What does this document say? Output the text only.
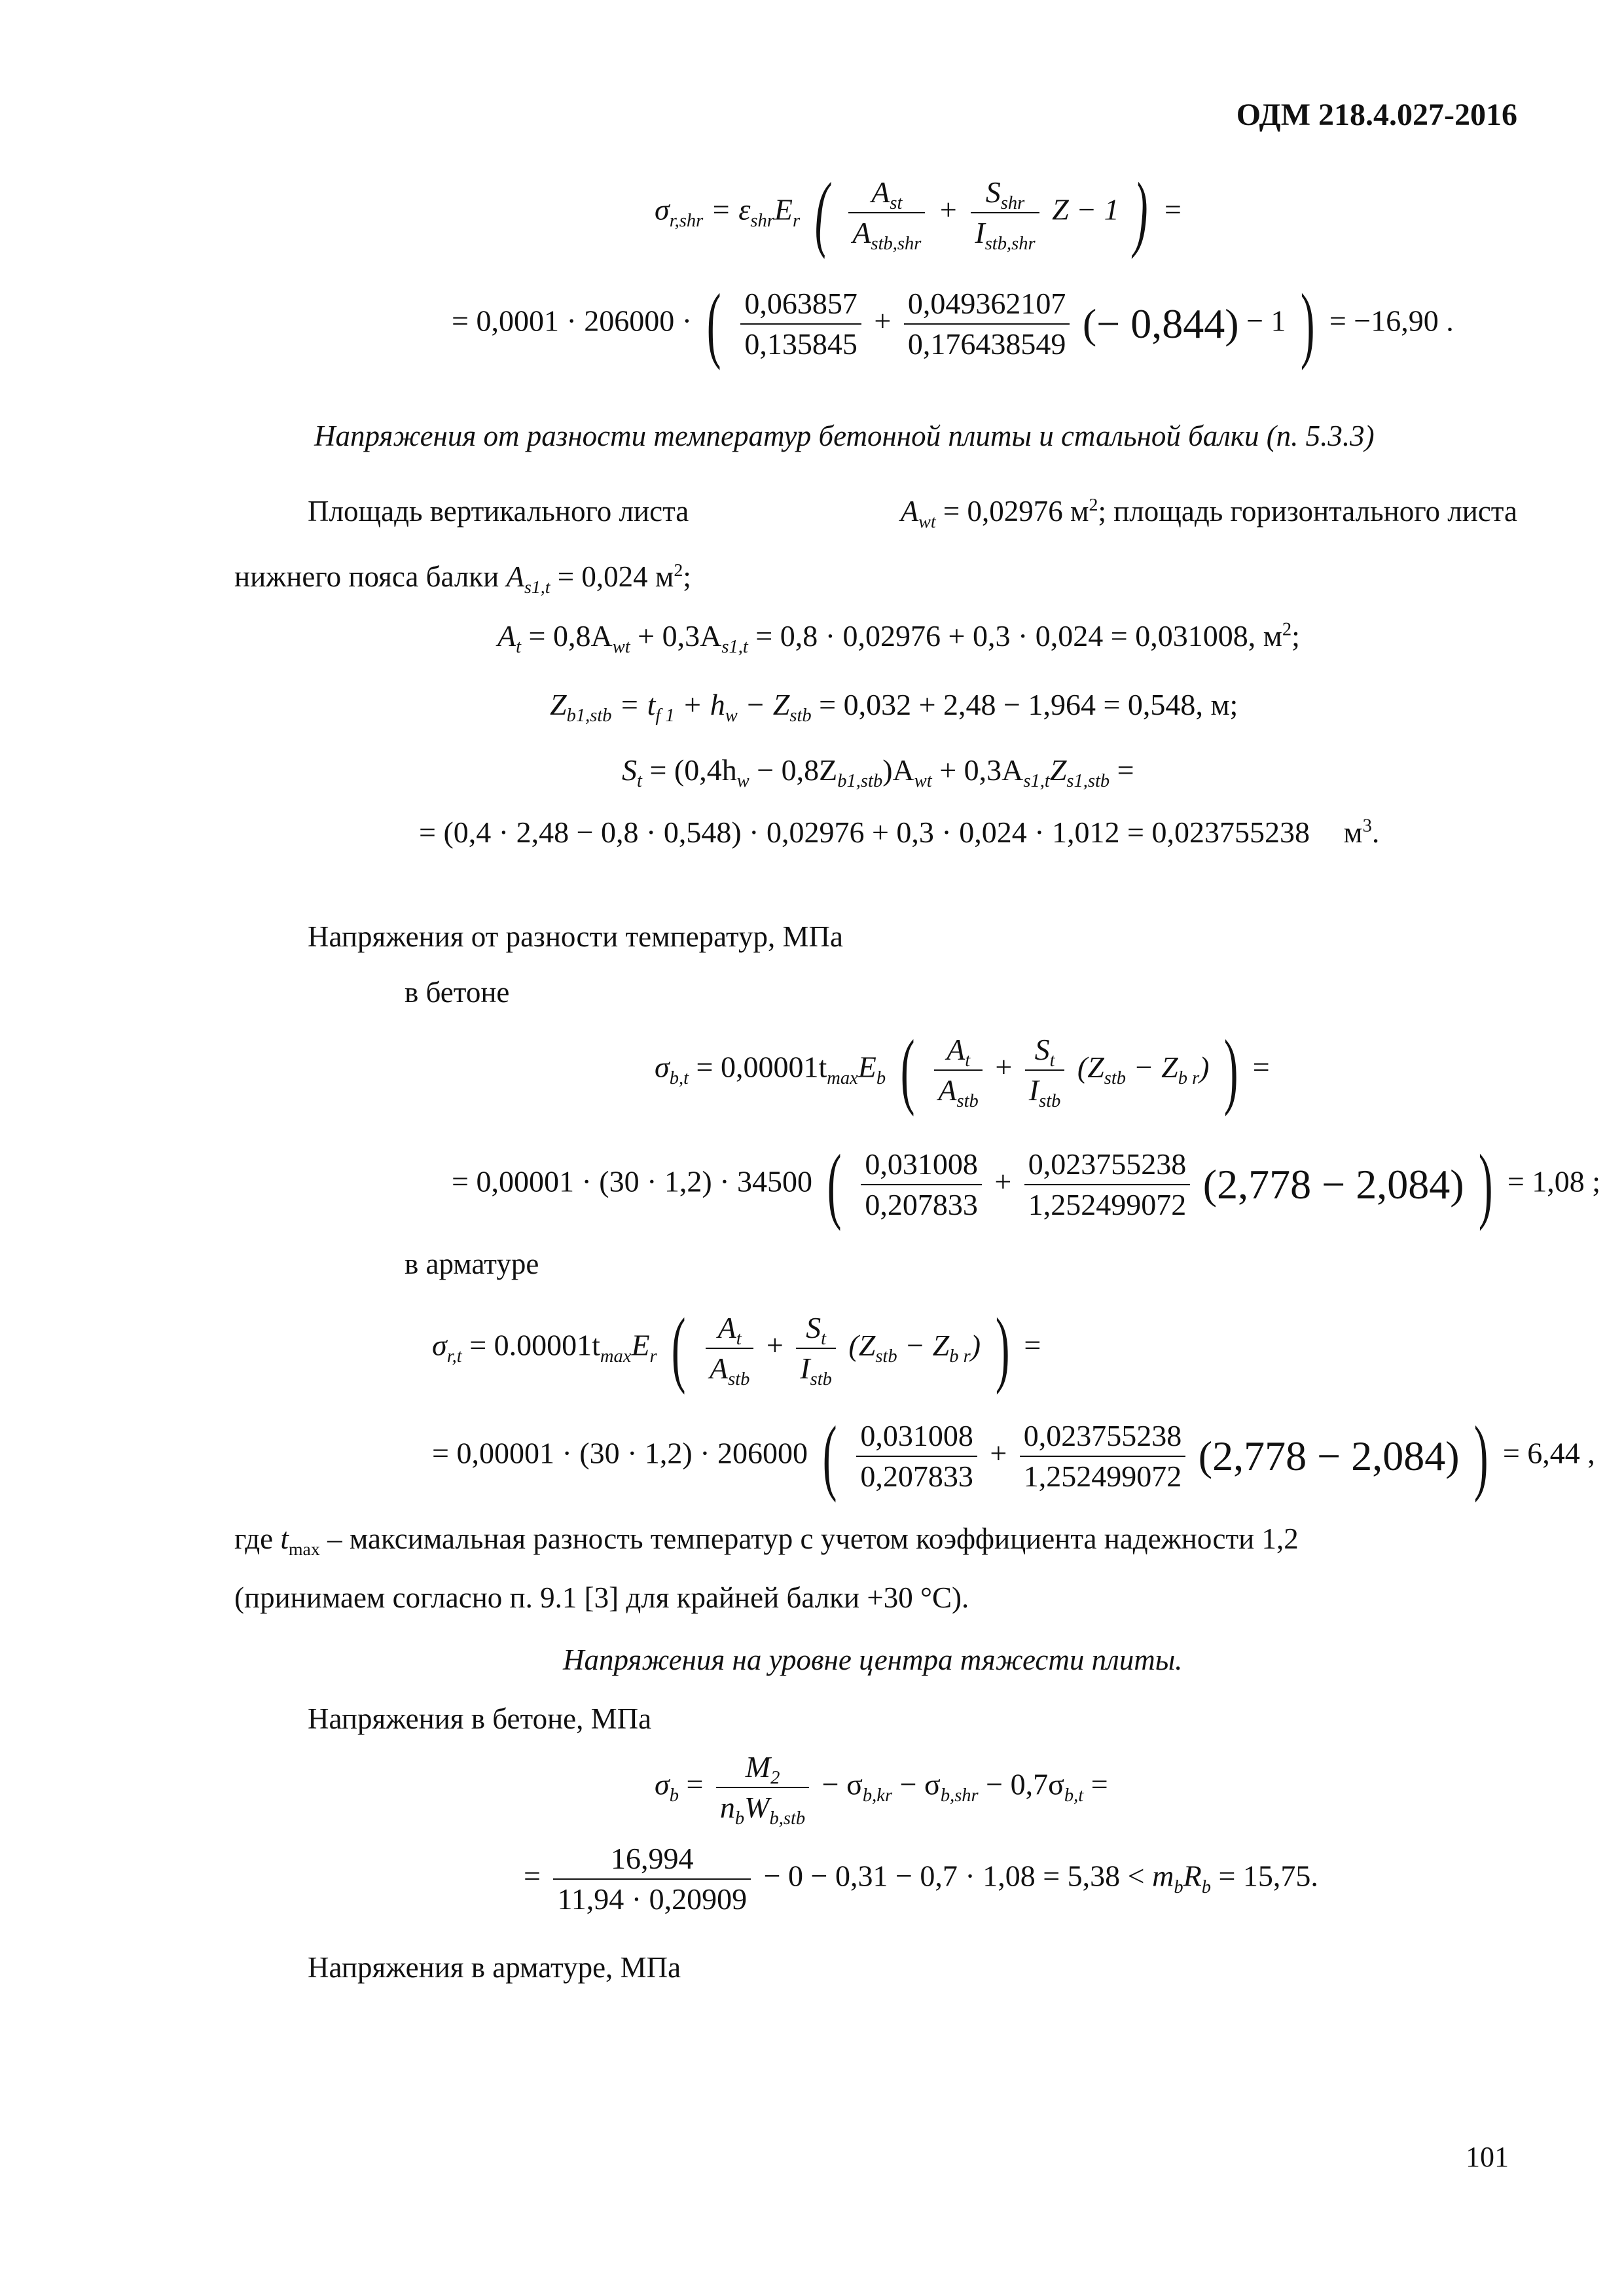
ОДМ 218.4.027-2016
101
$\sigma_{r,shr} = \varepsilon_{shr}E_r$ ( $\frac{A_{st}}{A_{stb,shr}} + \frac{S_{shr}}{I_{stb,shr}}$ Z − 1 ) =
= 0,0001 · 206000 · ( $\frac{0,063857}{0,135845} + \frac{0,049362107}{0,176438549}$ (− 0,844) − 1 ) = −16,90 .
Напряжения от разности температур бетонной плиты и стальной балки (п. 5.3.3)
Площадь вертикального листа	$A_{wt} = 0,02976$ $м^2$; площадь горизонтального листа
нижнего пояса балки $A_{s1,t} = 0,024$ $м^2$;
$A_t = 0,8A_{wt} + 0,3A_{s1,t} = 0,8 \cdot 0,02976 + 0,3 \cdot 0,024 = 0,031008$, $м^2$;
$Z_{b1,stb} = t_{f 1} + h_w - Z_{stb} = 0,032 + 2,48 - 1,964 = 0,548$, м;
$S_t = (0,4h_w - 0,8Z_{b1,stb})A_{wt} + 0,3A_{s1,t}Z_{s1,stb}$ =
= (0,4 · 2,48 − 0,8 · 0,548) · 0,02976 + 0,3 · 0,024 · 1,012 = 0,023755238 $м^3$.
Напряжения от разности температур, МПа
в бетоне
$\sigma_{b,t} = 0,00001t_{max}E_b$ ( $\frac{A_t}{A_{stb}} + \frac{S_t}{I_{stb}} (Z_{stb} - Z_{b r})$ ) =
= 0,00001 · (30 · 1,2) · 34500 ( $\frac{0,031008}{0,207833} + \frac{0,023755238}{1,252499072} (2,778 - 2,084)$ ) = 1,08 ;
в арматуре
$\sigma_{r,t} = 0.00001t_{max}E_r$ ( $\frac{A_t}{A_{stb}} + \frac{S_t}{I_{stb}} (Z_{stb} - Z_{b r})$ ) =
= 0,00001 · (30 · 1,2) · 206000 ( $\frac{0,031008}{0,207833} + \frac{0,023755238}{1,252499072} (2,778 - 2,084)$ ) = 6,44 ,
где $t_{max}$ – максимальная разность температур с учетом коэффициента надежности 1,2
(принимаем согласно п. 9.1 [3] для крайней балки +30 °C).
Напряжения на уровне центра тяжести плиты.
Напряжения в бетоне, МПа
$\sigma_b = \frac{M_2}{n_bW_{b,stb}} - \sigma_{b,kr} - \sigma_{b,shr} - 0,7\sigma_{b,t}$ =
= $\frac{16,994}{11,94 \cdot 0,20909} - 0 - 0,31 - 0,7 \cdot 1,08 = 5,38 < m_bR_b = 15,75$.
Напряжения в арматуре, МПа
